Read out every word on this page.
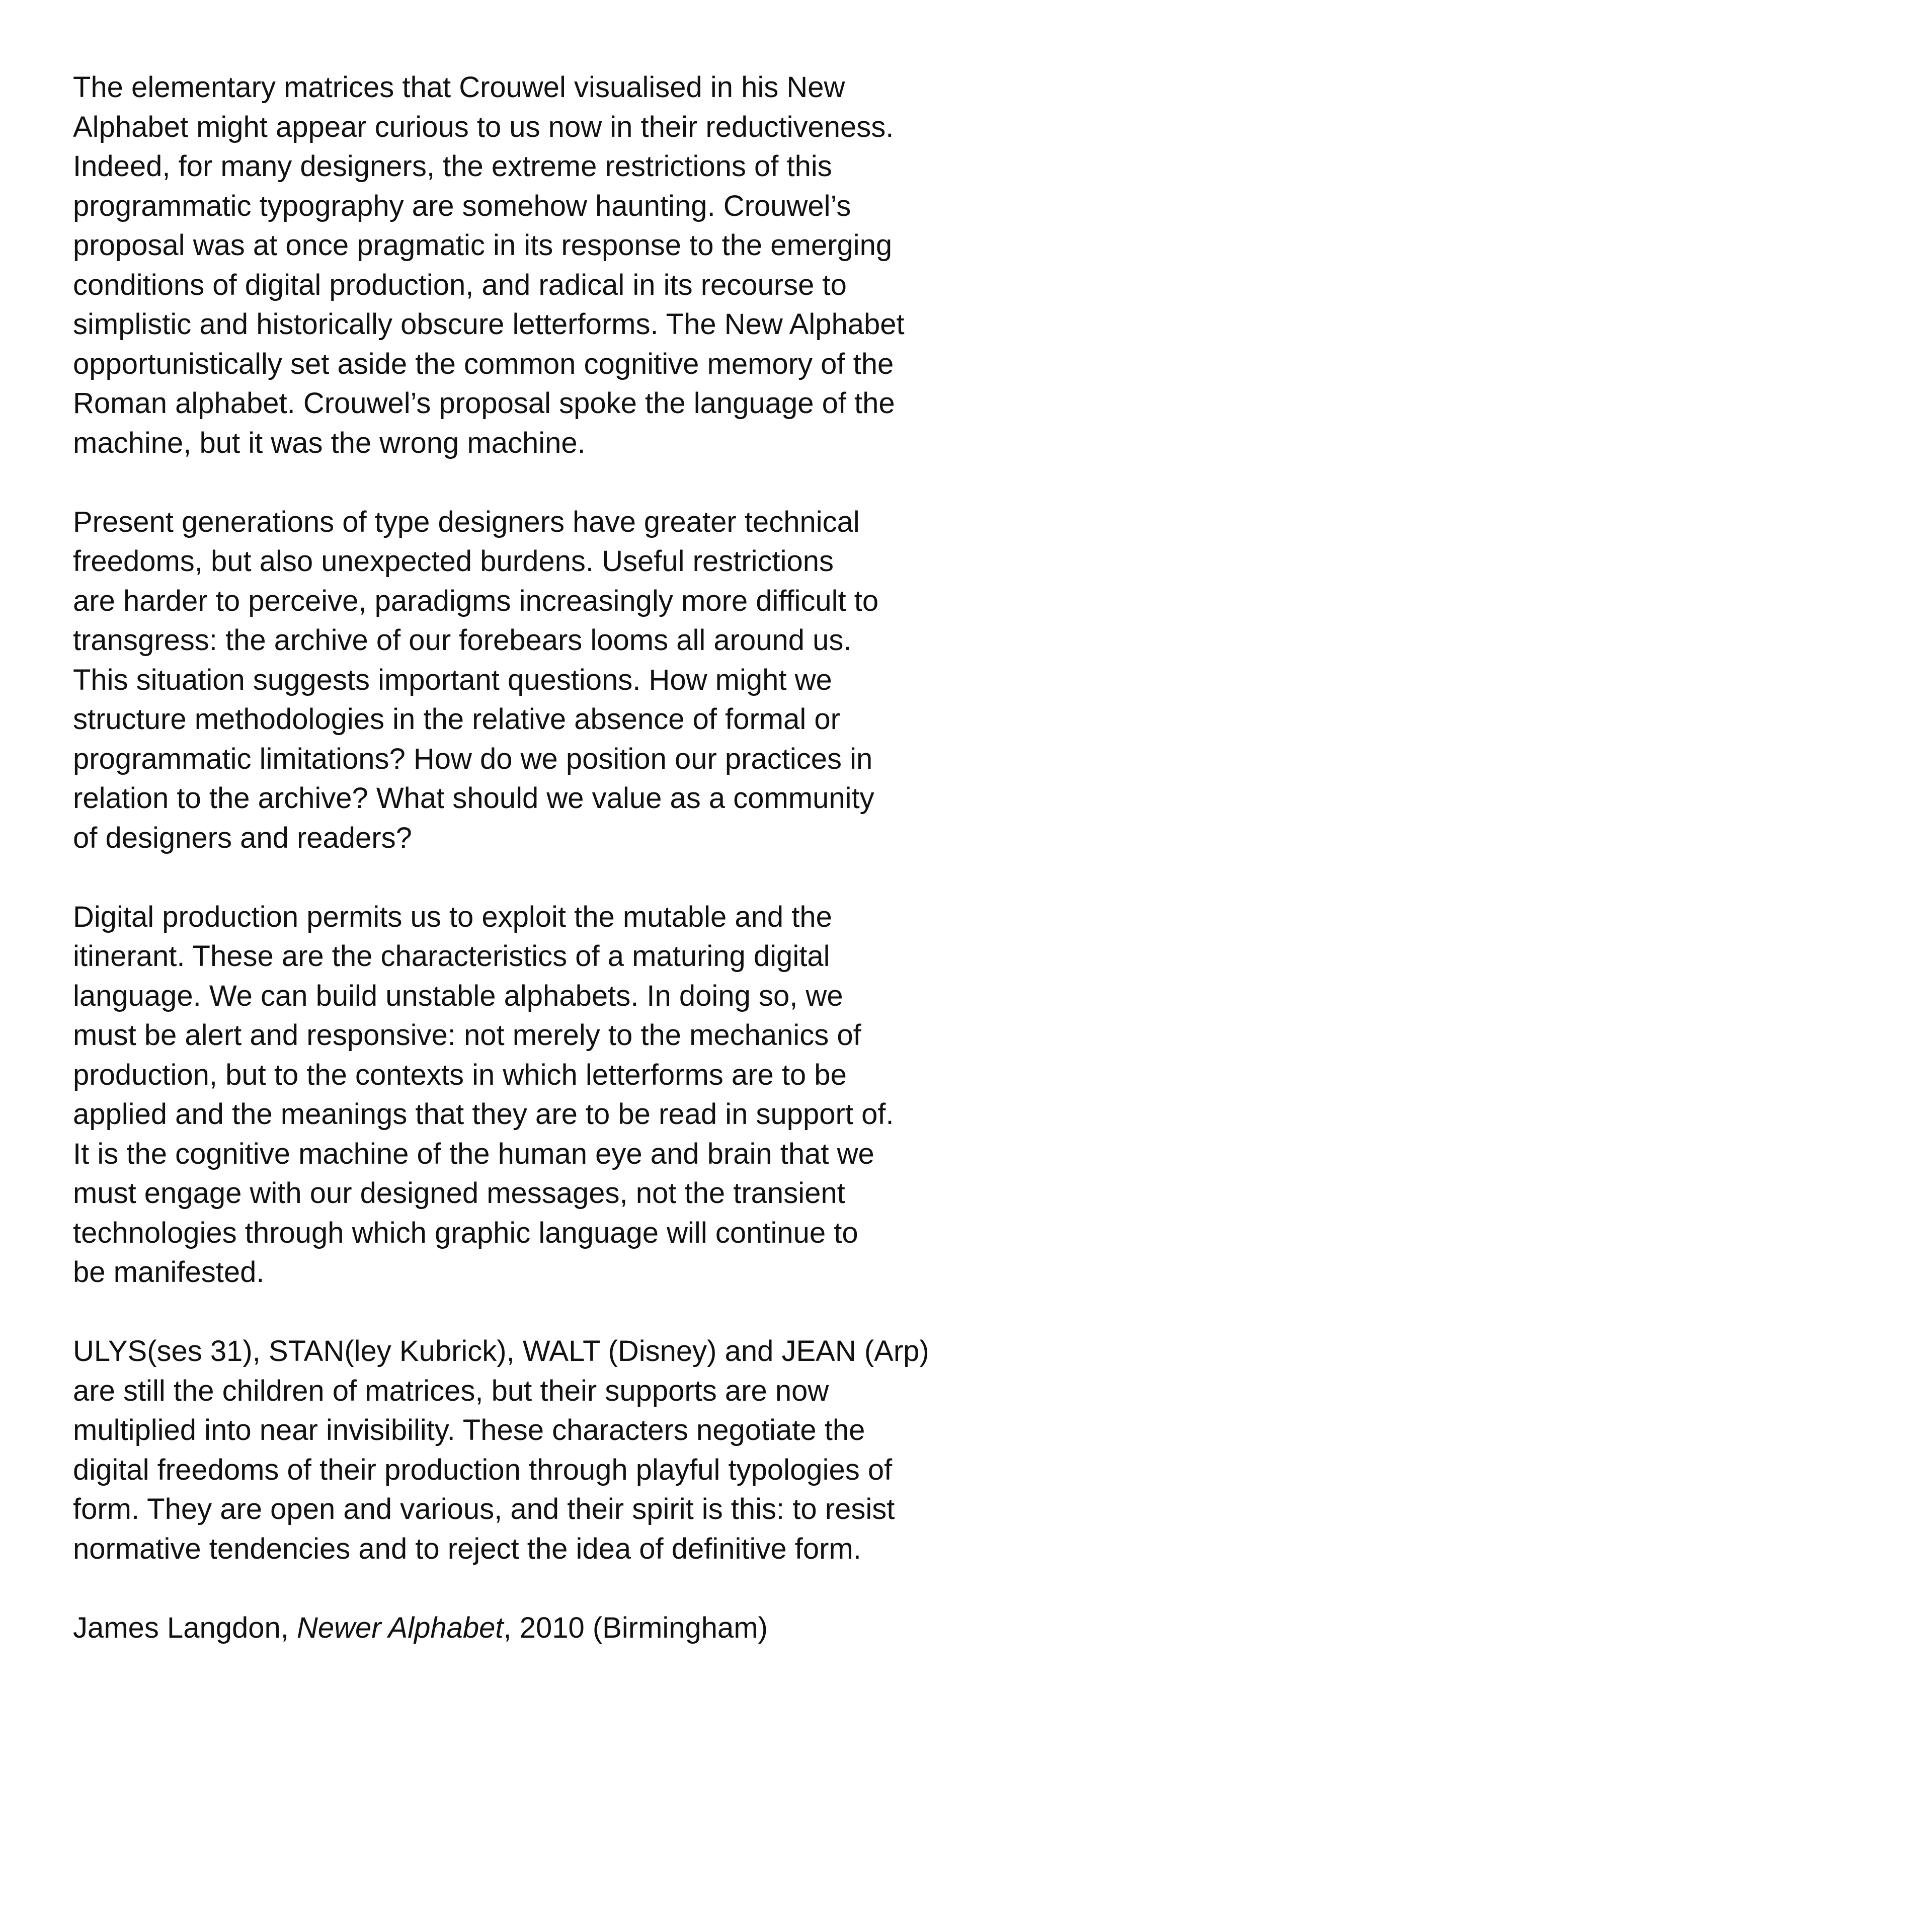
The elementary matrices that Crouwel visualised in his New
Alphabet might appear curious to us now in their reductiveness.
Indeed, for many designers, the extreme restrictions of this
programmatic typography are somehow haunting. Crouwel’s
proposal was at once pragmatic in its response to the emerging
conditions of digital production, and radical in its recourse to
simplistic and historically obscure letterforms. The New Alphabet
opportunistically set aside the common cognitive memory of the
Roman alphabet. Crouwel’s proposal spoke the language of the
machine, but it was the wrong machine.

Present generations of type designers have greater technical
freedoms, but also unexpected burdens. Useful restrictions
are harder to perceive, paradigms increasingly more difficult to
transgress: the archive of our forebears looms all around us.
This situation suggests important questions. How might we
structure methodologies in the relative absence of formal or
programmatic limitations? How do we position our practices in
relation to the archive? What should we value as a community
of designers and readers?

Digital production permits us to exploit the mutable and the
itinerant. These are the characteristics of a maturing digital
language. We can build unstable alphabets. In doing so, we
must be alert and responsive: not merely to the mechanics of
production, but to the contexts in which letterforms are to be
applied and the meanings that they are to be read in support of.
It is the cognitive machine of the human eye and brain that we
must engage with our designed messages, not the transient
technologies through which graphic language will continue to
be manifested.

ULYS(ses 31), STAN(ley Kubrick), WALT (Disney) and JEAN (Arp)
are still the children of matrices, but their supports are now
multiplied into near invisibility. These characters negotiate the
digital freedoms of their production through playful typologies of
form. They are open and various, and their spirit is this: to resist
normative tendencies and to reject the idea of definitive form.

James Langdon, Newer Alphabet, 2010 (Birmingham)
